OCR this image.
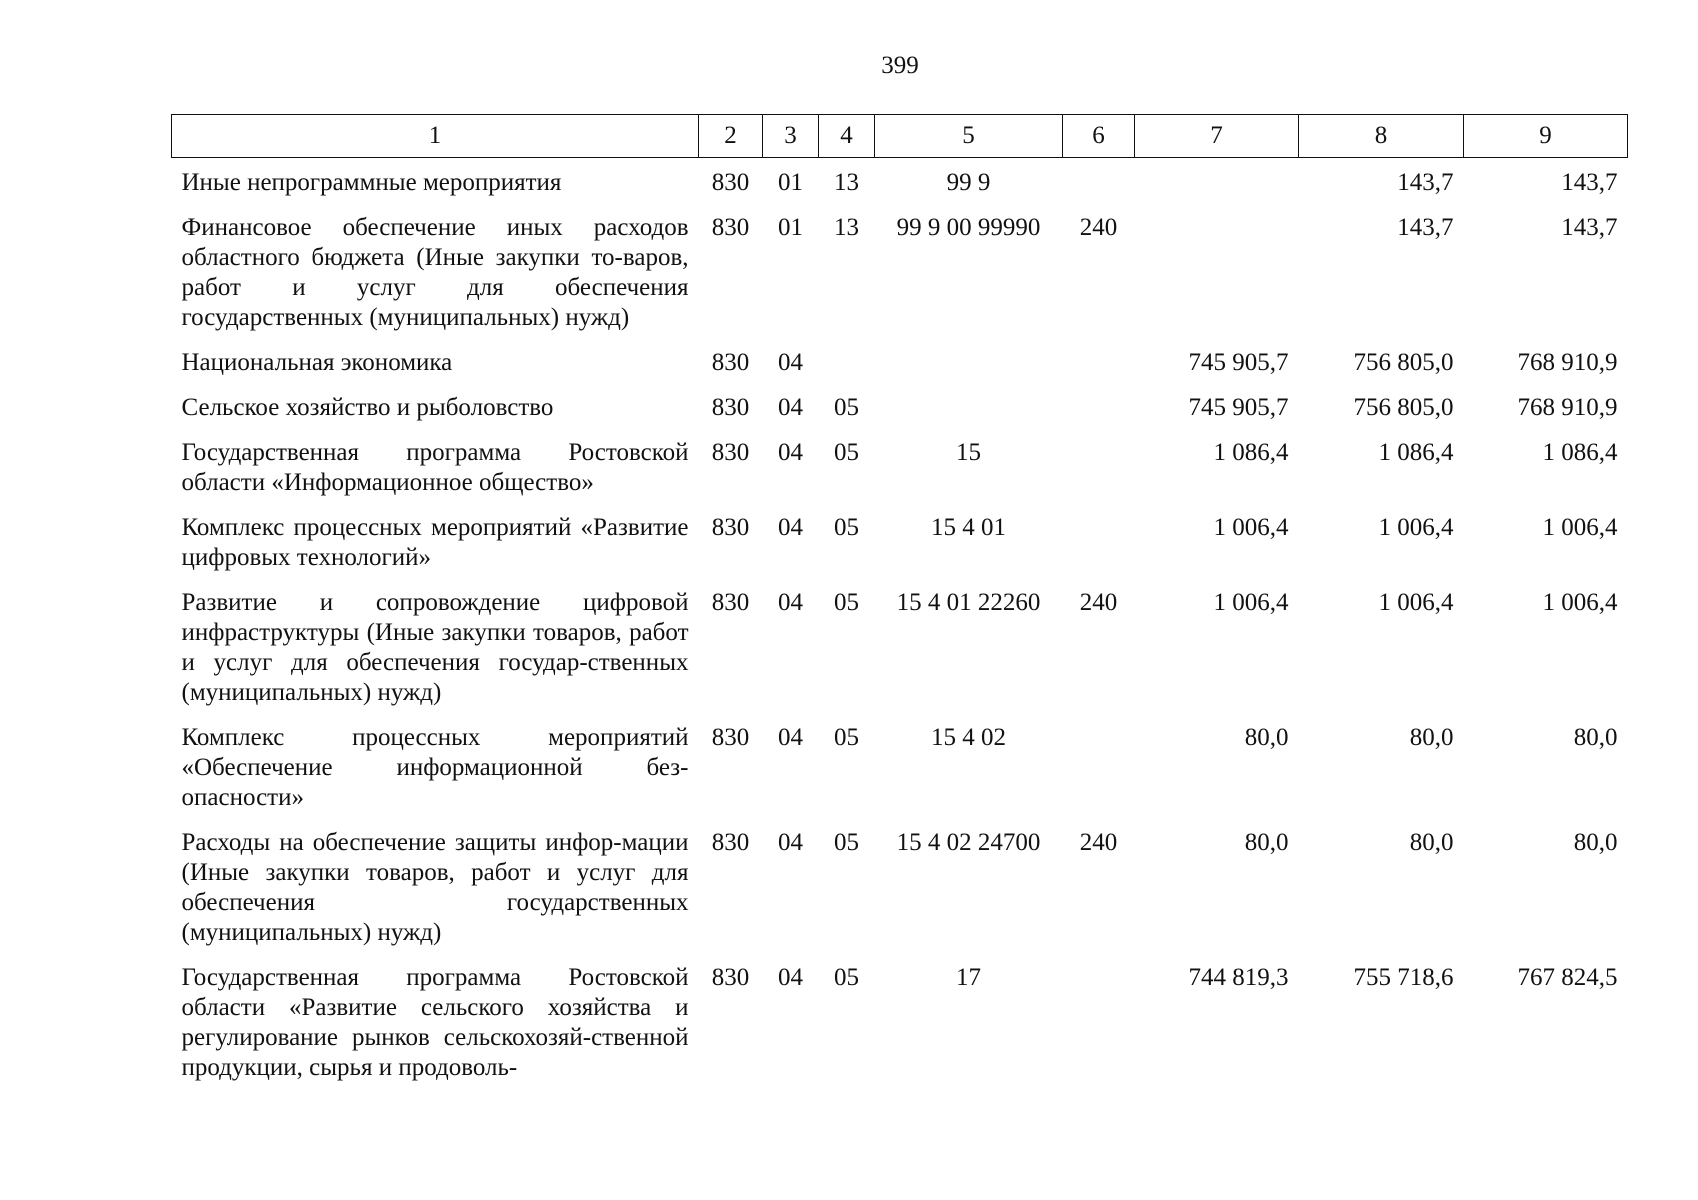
399
1	2	3	4	5	6	7	8	9
Иные непрограммные мероприятия	830	01	13	99 9			143,7	143,7
Финансовое обеспечение иных расходов областного бюджета (Иные закупки то-варов, работ и услуг для обеспечения государственных (муниципальных) нужд)	830	01	13	99 9 00 99990	240		143,7	143,7
Национальная экономика	830	04				745 905,7	756 805,0	768 910,9
Сельское хозяйство и рыболовство	830	04	05			745 905,7	756 805,0	768 910,9
Государственная программа Ростовской области «Информационное общество»	830	04	05	15		1 086,4	1 086,4	1 086,4
Комплекс процессных мероприятий «Развитие цифровых технологий»	830	04	05	15 4 01		1 006,4	1 006,4	1 006,4
Развитие и сопровождение цифровой инфраструктуры (Иные закупки товаров, работ и услуг для обеспечения государ-ственных (муниципальных) нужд)	830	04	05	15 4 01 22260	240	1 006,4	1 006,4	1 006,4
Комплекс процессных мероприятий «Обеспечение информационной без-опасности»	830	04	05	15 4 02		80,0	80,0	80,0
Расходы на обеспечение защиты инфор-мации (Иные закупки товаров, работ и услуг для обеспечения государственных (муниципальных) нужд)	830	04	05	15 4 02 24700	240	80,0	80,0	80,0
Государственная программа Ростовской области «Развитие сельского хозяйства и регулирование рынков сельскохозяй-ственной продукции, сырья и продоволь-	830	04	05	17		744 819,3	755 718,6	767 824,5
